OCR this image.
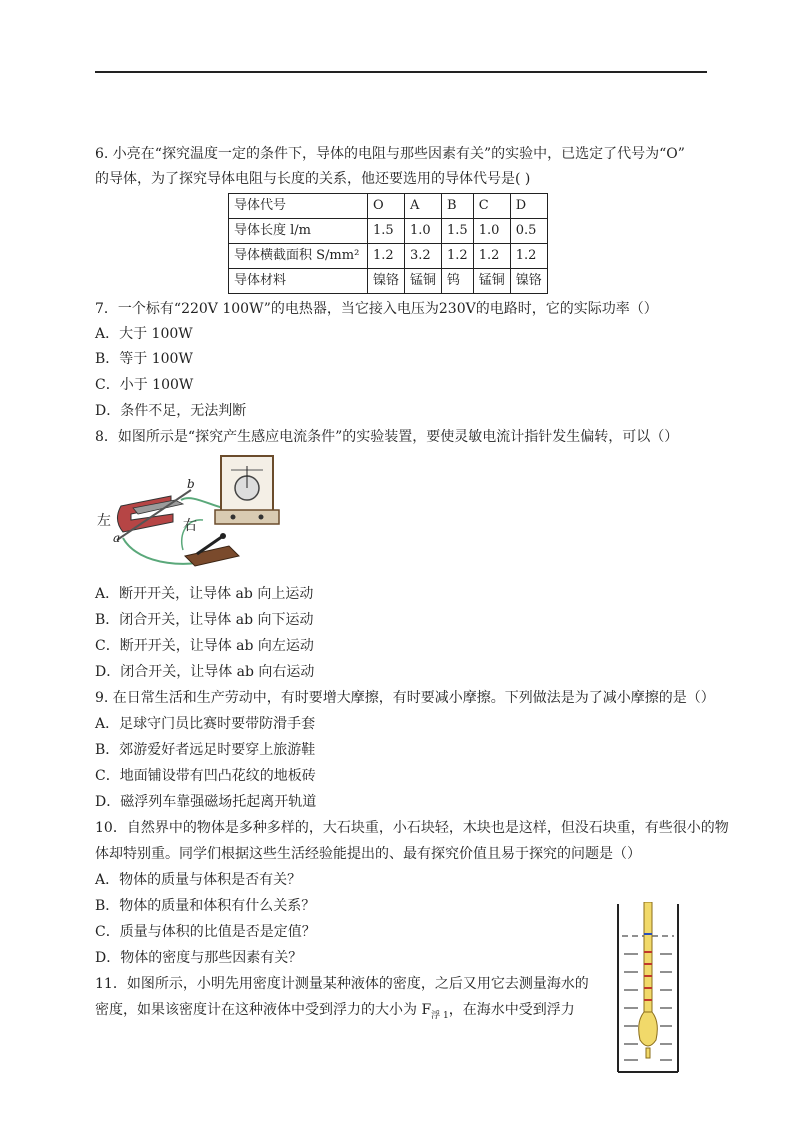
6. 小亮在“探究温度一定的条件下，导体的电阻与那些因素有关”的实验中，已选定了代号为“O”
的导体，为了探究导体电阻与长度的关系，他还要选用的导体代号是( )
导体代号	O	A	B	C	D
导体长度 l/m	1.5	1.0	1.5	1.0	0.5
导体横截面积 S/mm²	1.2	3.2	1.2	1.2	1.2
导体材料	镍铬	锰铜	钨	锰铜	镍铬
7．一个标有“220V 100W”的电热器，当它接入电压为230V的电路时，它的实际功率（）
A．大于 100W
B．等于 100W
C．小于 100W
D．条件不足，无法判断
8．如图所示是“探究产生感应电流条件”的实验装置，要使灵敏电流计指针发生偏转，可以（）
左	右
a
b
A．断开开关，让导体 ab 向上运动
B．闭合开关，让导体 ab 向下运动
C．断开开关，让导体 ab 向左运动
D．闭合开关，让导体 ab 向右运动
9. 在日常生活和生产劳动中，有时要增大摩擦，有时要减小摩擦。下列做法是为了减小摩擦的是（）
A．足球守门员比赛时要带防滑手套
B．郊游爱好者远足时要穿上旅游鞋
C．地面铺设带有凹凸花纹的地板砖
D．磁浮列车靠强磁场托起离开轨道
10．自然界中的物体是多种多样的，大石块重，小石块轻，木块也是这样，但没石块重，有些很小的物
体却特别重。同学们根据这些生活经验能提出的、最有探究价值且易于探究的问题是（）
A．物体的质量与体积是否有关？
B．物体的质量和体积有什么关系？
C．质量与体积的比值是否是定值？
D．物体的密度与那些因素有关？
11．如图所示，小明先用密度计测量某种液体的密度，之后又用它去测量海水的
密度，如果该密度计在这种液体中受到浮力的大小为 $F_{浮 1}$，在海水中受到浮力
